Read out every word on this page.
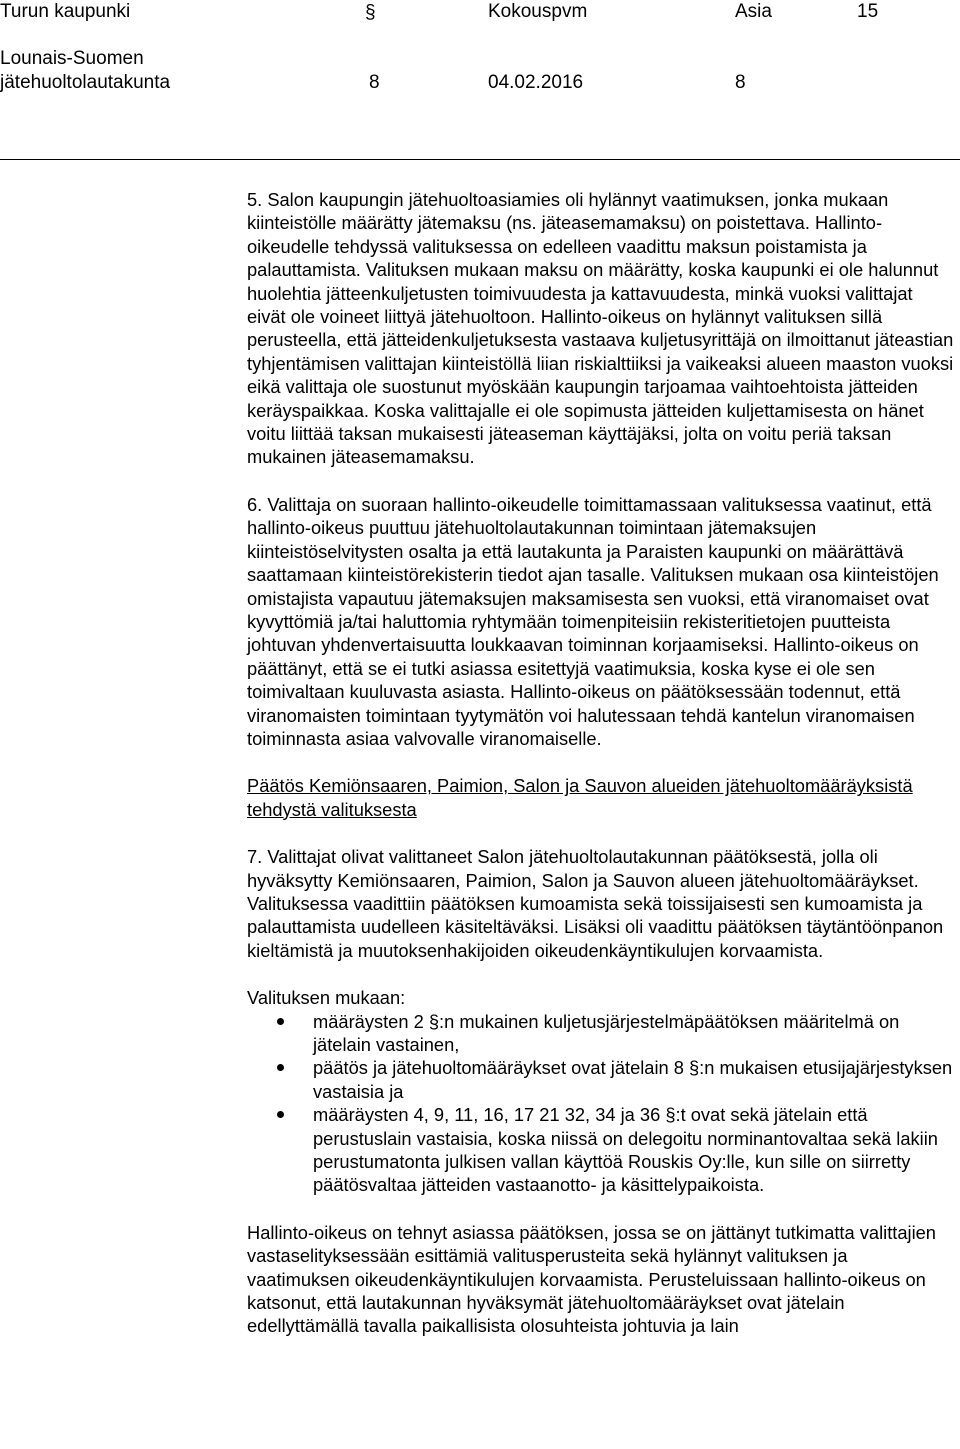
Turun kaupunki	§	Kokouspvm	Asia	15
Lounais-Suomen
jätehuoltolautakunta	8	04.02.2016	8

5. Salon kaupungin jätehuoltoasiamies oli hylännyt vaatimuksen, jonka mukaan kiinteistölle määrätty jätemaksu (ns. jäteasemamaksu) on poistettava. Hallinto-oikeudelle tehdyssä valituksessa on edelleen vaadittu maksun poistamista ja palauttamista. Valituksen mukaan maksu on määrätty, koska kaupunki ei ole halunnut huolehtia jätteenkuljetusten toimivuudesta ja kattavuudesta, minkä vuoksi valittajat eivät ole voineet liittyä jätehuoltoon. Hallinto-oikeus on hylännyt valituksen sillä perusteella, että jätteidenkuljetuksesta vastaava kuljetusyrittäjä on ilmoittanut jäteastian tyhjentämisen valittajan kiinteistöllä liian riskialttiiksi ja vaikeaksi alueen maaston vuoksi eikä valittaja ole suostunut myöskään kaupungin tarjoamaa vaihtoehtoista jätteiden keräyspaikkaa. Koska valittajalle ei ole sopimusta jätteiden kuljettamisesta on hänet voitu liittää taksan mukaisesti jäteaseman käyttäjäksi, jolta on voitu periä taksan mukainen jäteasemamaksu.

6. Valittaja on suoraan hallinto-oikeudelle toimittamassaan valituksessa vaatinut, että hallinto-oikeus puuttuu jätehuoltolautakunnan toimintaan jätemaksujen kiinteistöselvitysten osalta ja että lautakunta ja Paraisten kaupunki on määrättävä saattamaan kiinteistörekisterin tiedot ajan tasalle. Valituksen mukaan osa kiinteistöjen omistajista vapautuu jätemaksujen maksamisesta sen vuoksi, että viranomaiset ovat kyvyttömiä ja/tai haluttomia ryhtymään toimenpiteisiin rekisteritietojen puutteista johtuvan yhdenvertaisuutta loukkaavan toiminnan korjaamiseksi. Hallinto-oikeus on päättänyt, että se ei tutki asiassa esitettyjä vaatimuksia, koska kyse ei ole sen toimivaltaan kuuluvasta asiasta. Hallinto-oikeus on päätöksessään todennut, että viranomaisten toimintaan tyytymätön voi halutessaan tehdä kantelun viranomaisen toiminnasta asiaa valvovalle viranomaiselle.

Päätös Kemiönsaaren, Paimion, Salon ja Sauvon alueiden jätehuoltomääräyksistä tehdystä valituksesta

7. Valittajat olivat valittaneet Salon jätehuoltolautakunnan päätöksestä, jolla oli hyväksytty Kemiönsaaren, Paimion, Salon ja Sauvon alueen jätehuoltomääräykset. Valituksessa vaadittiin päätöksen kumoamista sekä toissijaisesti sen kumoamista ja palauttamista uudelleen käsiteltäväksi. Lisäksi oli vaadittu päätöksen täytäntöönpanon kieltämistä ja muutoksenhakijoiden oikeudenkäyntikulujen korvaamista.

Valituksen mukaan:

määräysten 2 §:n mukainen kuljetusjärjestelmäpäätöksen määritelmä on jätelain vastainen,
päätös ja jätehuoltomääräykset ovat jätelain 8 §:n mukaisen etusijajärjestyksen vastaisia ja
määräysten 4, 9, 11, 16, 17 21 32, 34 ja 36 §:t ovat sekä jätelain että perustuslain vastaisia, koska niissä on delegoitu norminantovaltaa sekä lakiin perustumatonta julkisen vallan käyttöä Rouskis Oy:lle, kun sille on siirretty päätösvaltaa jätteiden vastaanotto- ja käsittelypaikoista.

Hallinto-oikeus on tehnyt asiassa päätöksen, jossa se on jättänyt tutkimatta valittajien vastaselityksessään esittämiä valitusperusteita sekä hylännyt valituksen ja vaatimuksen oikeudenkäyntikulujen korvaamista. Perusteluissaan hallinto-oikeus on katsonut, että lautakunnan hyväksymät jätehuoltomääräykset ovat jätelain edellyttämällä tavalla paikallisista olosuhteista johtuvia ja lain
